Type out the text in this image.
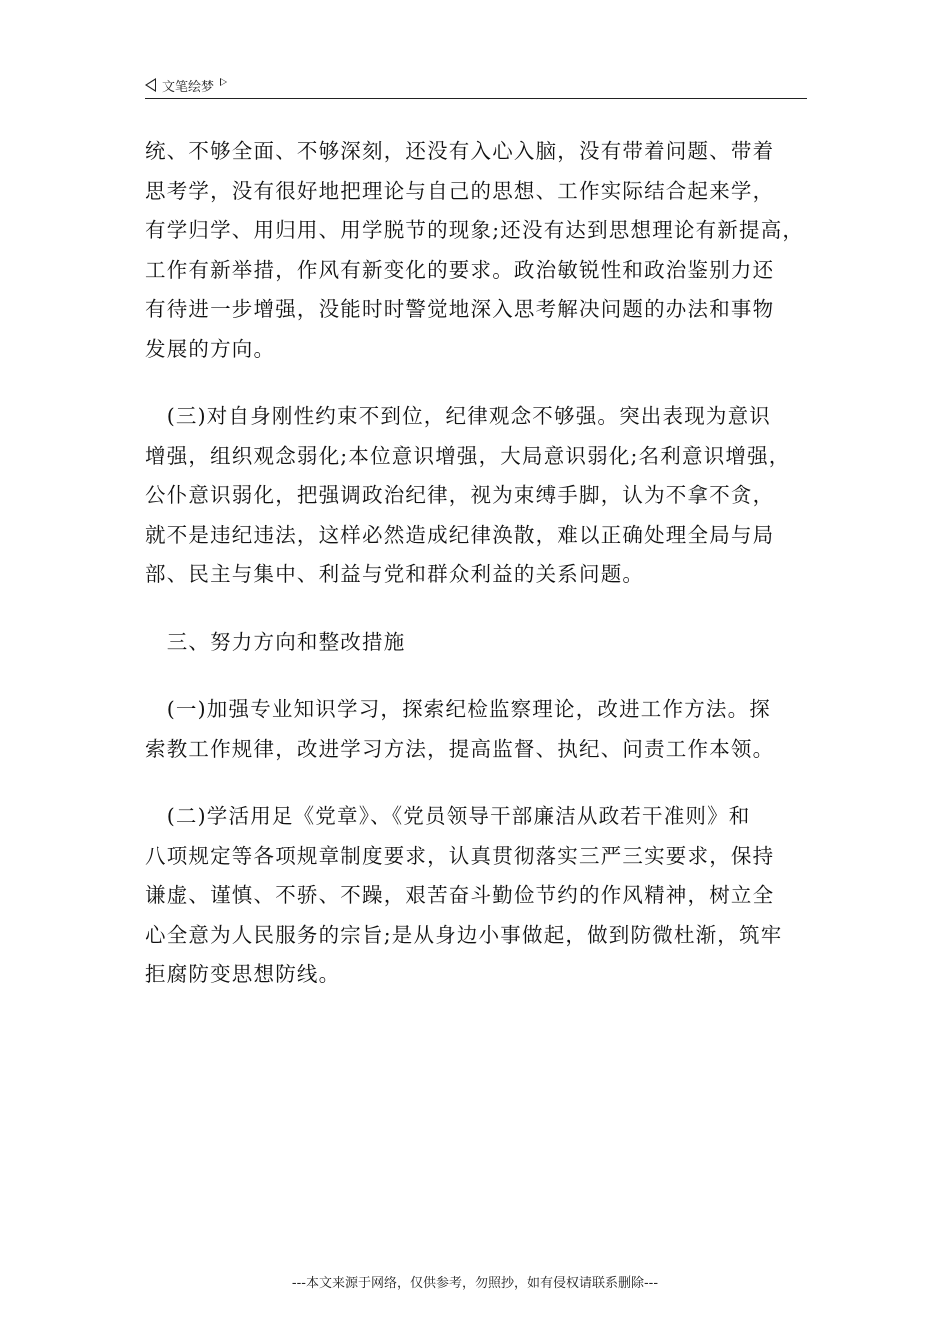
文笔绘梦
统、不够全面、不够深刻，还没有入心入脑，没有带着问题、带着
思考学，没有很好地把理论与自己的思想、工作实际结合起来学，
有学归学、用归用、用学脱节的现象;还没有达到思想理论有新提高，
工作有新举措，作风有新变化的要求。政治敏锐性和政治鉴别力还
有待进一步增强，没能时时警觉地深入思考解决问题的办法和事物
发展的方向。
　(三)对自身刚性约束不到位，纪律观念不够强。突出表现为意识
增强，组织观念弱化;本位意识增强，大局意识弱化;名利意识增强，
公仆意识弱化，把强调政治纪律，视为束缚手脚，认为不拿不贪，
就不是违纪违法，这样必然造成纪律涣散，难以正确处理全局与局
部、民主与集中、利益与党和群众利益的关系问题。
　三、努力方向和整改措施
　(一)加强专业知识学习，探索纪检监察理论，改进工作方法。探
索教工作规律，改进学习方法，提高监督、执纪、问责工作本领。
　(二)学活用足《党章》、《党员领导干部廉洁从政若干准则》和
八项规定等各项规章制度要求，认真贯彻落实三严三实要求，保持
谦虚、谨慎、不骄、不躁，艰苦奋斗勤俭节约的作风精神，树立全
心全意为人民服务的宗旨;是从身边小事做起，做到防微杜渐，筑牢
拒腐防变思想防线。
---本文来源于网络，仅供参考，勿照抄，如有侵权请联系删除---
